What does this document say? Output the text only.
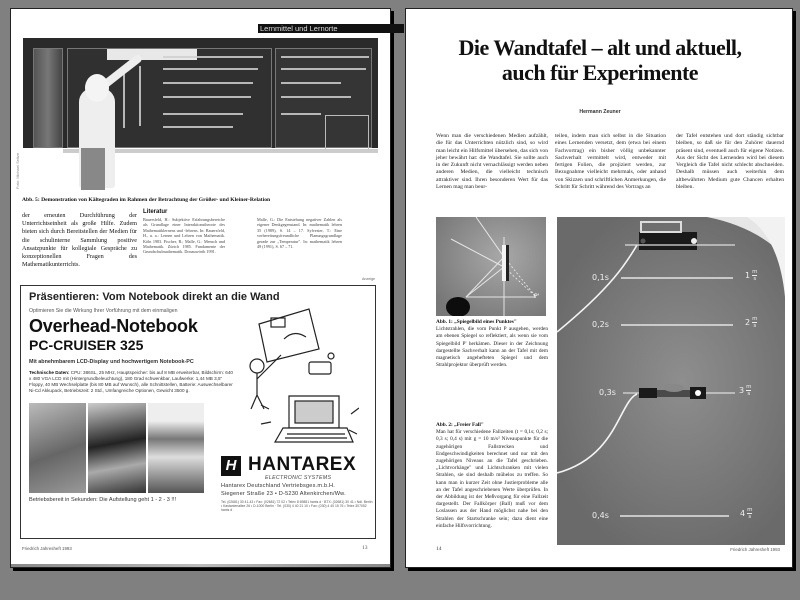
Lernmittel und Lernorte
Foto: Michael Seltze
Abb. 5: Demonstration von Kältegraden im Rahmen der Betrachtung der Größer- und Kleiner-Relation
der erneuten Durchführung der Unterrichtseinheit als große Hilfe. Zudem bieten sich durch Bereitstellen der Medien für die schulinterne Sammlung positive Ansatzpunkte für kollegiale Gespräche zu konzeptionellen Fragen des Mathematikunterrichts.
Literatur
Bauersfeld, H.: Subjektive Erfahrungsbereiche als Grundlage einer Interaktionstheorie des Mathematiklernens und -lehrens. In: Bauersfeld, H., u. a.: Lernen und Lehren von Mathematik. Köln 1983. Fischer, R.; Malle, G.: Mensch und Mathematik. Zürich 1985. Fundamente der Grundschulmathematik. Donauwörth 1991.
Malle, G.: Die Entstehung negativer Zahlen als eigener Denkgegenstand. In: mathematik lehren 35 (1989), S. 14 – 17. Sylvester, T.: Eine vorbereitungsfreundliche Planungsgrundlage gerade zur „Temperatur". In: mathematik lehren 49 (1991), S. 67 – 71.
Anzeige
Präsentieren: Vom Notebook direkt an die Wand
Optimieren Sie die Wirkung Ihrer Vorführung mit dem einmaligen
Overhead-Notebook
PC-CRUISER 325
Mit abnehmbarem LCD-Display und hochwertigem Notebook-PC
Technische Daten: CPU: 386SL, 25 MHz, Hauptspeicher: bis auf 8 MB erweiterbar, Bildschirm: 640 x 480 VGA LCD mit (Hintergrundbeleuchtung), 180 Grad schwenkbar, Laufwerke: 1,44 MB 3,5" Floppy, 40 MB Wechselplatte (bis 80 MB auf Wunsch), alle Schnittstellen, Batterie: Auswechselbarer Ni-Cd Akkupack, Betriebszeit: 2 Std., Umfangreiche Optionen, Gewicht 3500 g.
Betriebsbereit in Sekunden: Die Aufstellung geht 1 - 2 - 3 !!!
H HANTAREX
ELECTRONIC SYSTEMS
Hantarex Deutschland Vertriebsges.m.b.H.
Siegener Straße 23 • D-5230 Altenkirchen/Ww.
Tel. (02681) 30 41-43 • Fax: (02681) 72 02 • Telex 8 69881 hants d · BTX: (02681) 30 41 • Ndl. Berlin • Kastanienallee 26 • D-1000 Berlin · Tel. (030) 4 40 21 10 • Fax: (030) 4 40 15 76 • Telex 307052 hants d
Friedrich Jahresheft 1993	13
Die Wandtafel – alt und aktuell,
auch für Experimente
Hermann Zeuner
Wenn man die verschiedenen Medien aufzählt, die für das Unterrichten nützlich sind, so wird man leicht ein Hilfsmittel übersehen, das sich von jeher bewährt hat: die Wandtafel. Sie sollte auch in der Zukunft nicht vernachlässigt werden neben anderen Medien, die vielleicht technisch attraktiver sind. Ihren besonderen Wert für das Lernen mag man beur-
teilen, indem man sich selbst in die Situation eines Lernenden versetzt, dem (etwa bei einem Fachvortrag) ein bisher völlig unbekannter Sachverhalt vermittelt wird, entweder mit fertigen Folien, die projiziert werden, zur Bezugnahme vielleicht mehrmals, oder anhand von Skizzen und schriftlichen Anmerkungen, die Schritt für Schritt während des Vortrags an
der Tafel entstehen und dort ständig sichtbar bleiben, so daß sie für den Zuhörer dauernd präsent sind, eventuell auch für eigene Notizen. Aus der Sicht des Lernenden wird bei diesem Vergleich die Tafel nicht schlecht abschneiden. Deshalb müssen auch weiterhin dem altbewährten Medium gute Chancen erhalten bleiben.
P'
Abb. 1: „Spiegelbild eines Punktes"
Lichtstrahlen, die vom Punkt P ausgehen, werden am ebenen Spiegel so reflektiert, als wenn sie vom Spiegelbild P' herkämen. Dieser in der Zeichnung dargestellte Sachverhalt kann an der Tafel mit dem magnetisch angehefteten Spiegel und dem Strahlprojektor überprüft werden.
Abb. 2: „Freier Fall"
Man hat für verschiedene Fallzeiten (t = 0,1s; 0,2 s; 0,3 s; 0,4 s) mit g = 10 m/s² Niveaupunkte für die zugehörigen Fallstrecken und Endgeschwindigkeiten berechnet und nur mit den zugehörigen Niveaus an die Tafel geschrieben. „Lichtvorhänge" und Lichtschranken mit vielen Strahlen, sie sind deshalb mühelos zu treffen. So kann man in kurzer Zeit ohne Justierprobleme alle an der Tafel angeschriebenen Werte überprüfen. In der Abbildung ist der Meßvorgang für eine Fallzeit dargestellt. Der Fallkörper (Ball) muß vor dem Loslassen aus der Hand möglichst nahe bei den Strahlen der Startschranke sein; dazu dient eine einfache Hilfsvorrichtung.
0,1s	$1 \frac{m}{s}$
0,2s	$2 \frac{m}{s}$
0,3s	$3 \frac{m}{s}$
0,4s	$4 \frac{m}{s}$
14	Friedrich Jahresheft 1993
